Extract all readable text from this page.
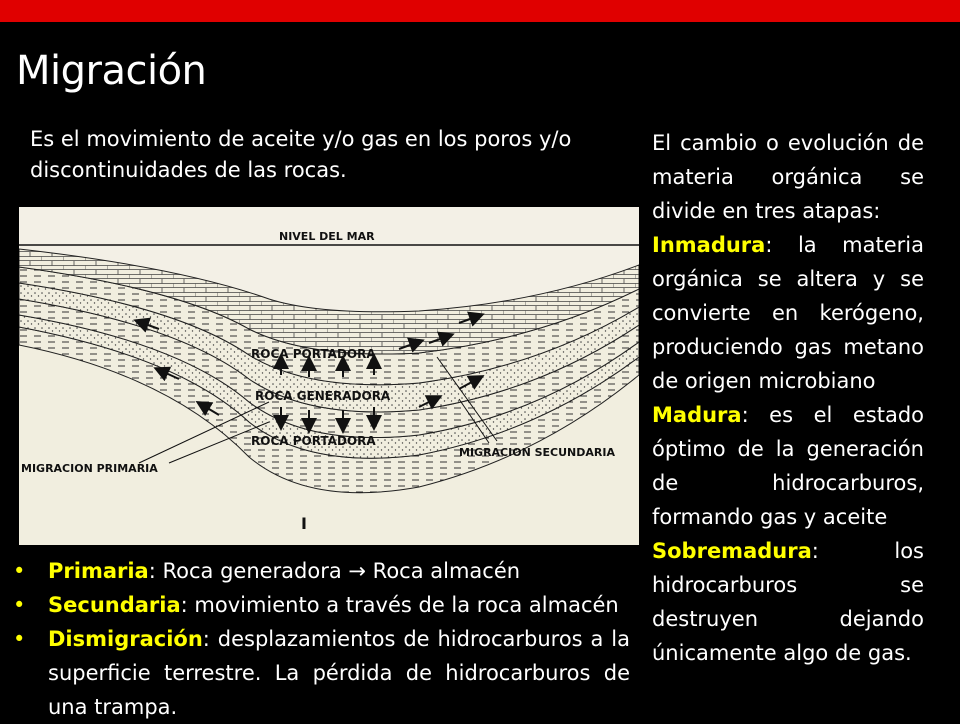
Migración
Es el movimiento de aceite y/o gas en los poros y/o discontinuidades de las rocas.
NIVEL DEL MAR
ROCA PORTADORA
ROCA GENERADORA
ROCA PORTADORA
MIGRACION PRIMARIA
MIGRACION SECUNDARIA
I

El cambio o evolución de materia orgánica se divide en tres atapas:

Inmadura: la materia orgánica se altera y se convierte en kerógeno, produciendo gas metano de origen microbiano

Madura: es el estado óptimo de la generación de hidrocarburos, formando gas y aceite

Sobremadura: los hidrocarburos se destruyen dejando únicamente algo de gas.

• Primaria: Roca generadora → Roca almacén
• Secundaria: movimiento a través de la roca almacén
• Dismigración: desplazamientos de hidrocarburos a la superficie terrestre. La pérdida de hidrocarburos de una trampa.
